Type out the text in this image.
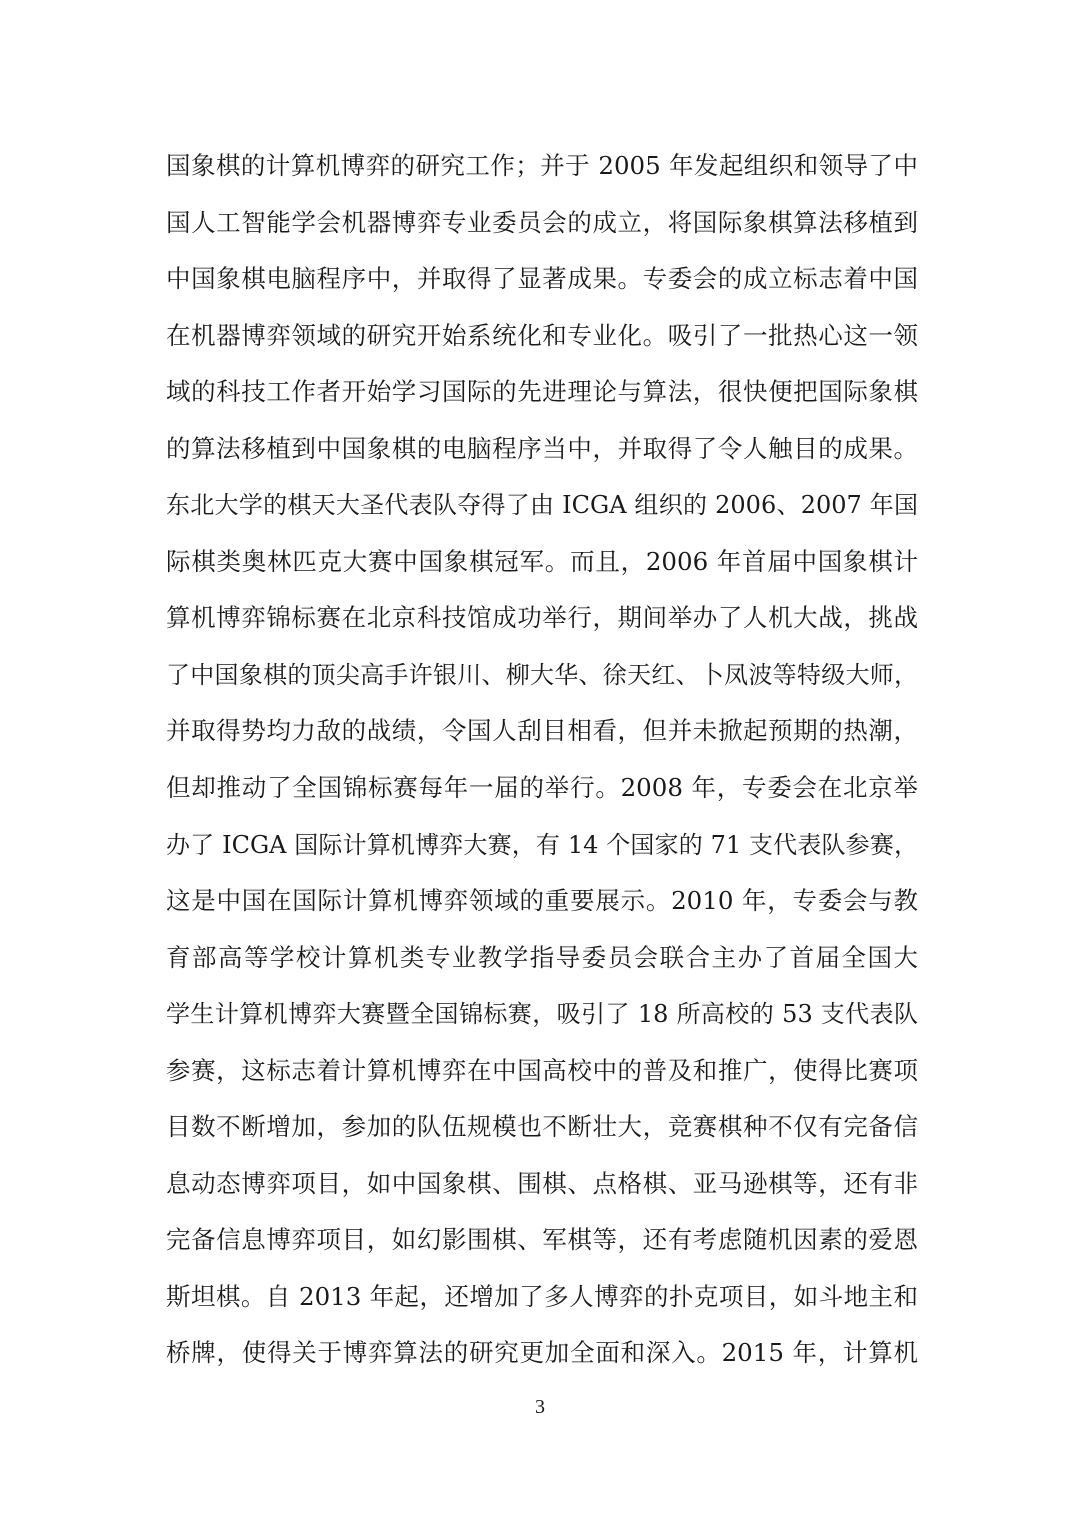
国象棋的计算机博弈的研究工作；并于 2005 年发起组织和领导了中
国人工智能学会机器博弈专业委员会的成立，将国际象棋算法移植到
中国象棋电脑程序中，并取得了显著成果。专委会的成立标志着中国
在机器博弈领域的研究开始系统化和专业化。吸引了一批热心这一领
域的科技工作者开始学习国际的先进理论与算法，很快便把国际象棋
的算法移植到中国象棋的电脑程序当中，并取得了令人触目的成果。
东北大学的棋天大圣代表队夺得了由 ICGA 组织的 2006、2007 年国
际棋类奥林匹克大赛中国象棋冠军。而且，2006 年首届中国象棋计
算机博弈锦标赛在北京科技馆成功举行，期间举办了人机大战，挑战
了中国象棋的顶尖高手许银川、柳大华、徐天红、卜凤波等特级大师，
并取得势均力敌的战绩，令国人刮目相看，但并未掀起预期的热潮，
但却推动了全国锦标赛每年一届的举行。2008 年，专委会在北京举
办了 ICGA 国际计算机博弈大赛，有 14 个国家的 71 支代表队参赛，
这是中国在国际计算机博弈领域的重要展示。2010 年，专委会与教
育部高等学校计算机类专业教学指导委员会联合主办了首届全国大
学生计算机博弈大赛暨全国锦标赛，吸引了 18 所高校的 53 支代表队
参赛，这标志着计算机博弈在中国高校中的普及和推广，使得比赛项
目数不断增加，参加的队伍规模也不断壮大，竞赛棋种不仅有完备信
息动态博弈项目，如中国象棋、围棋、点格棋、亚马逊棋等，还有非
完备信息博弈项目，如幻影围棋、军棋等，还有考虑随机因素的爱恩
斯坦棋。自 2013 年起，还增加了多人博弈的扑克项目，如斗地主和
桥牌，使得关于博弈算法的研究更加全面和深入。2015 年，计算机
3
